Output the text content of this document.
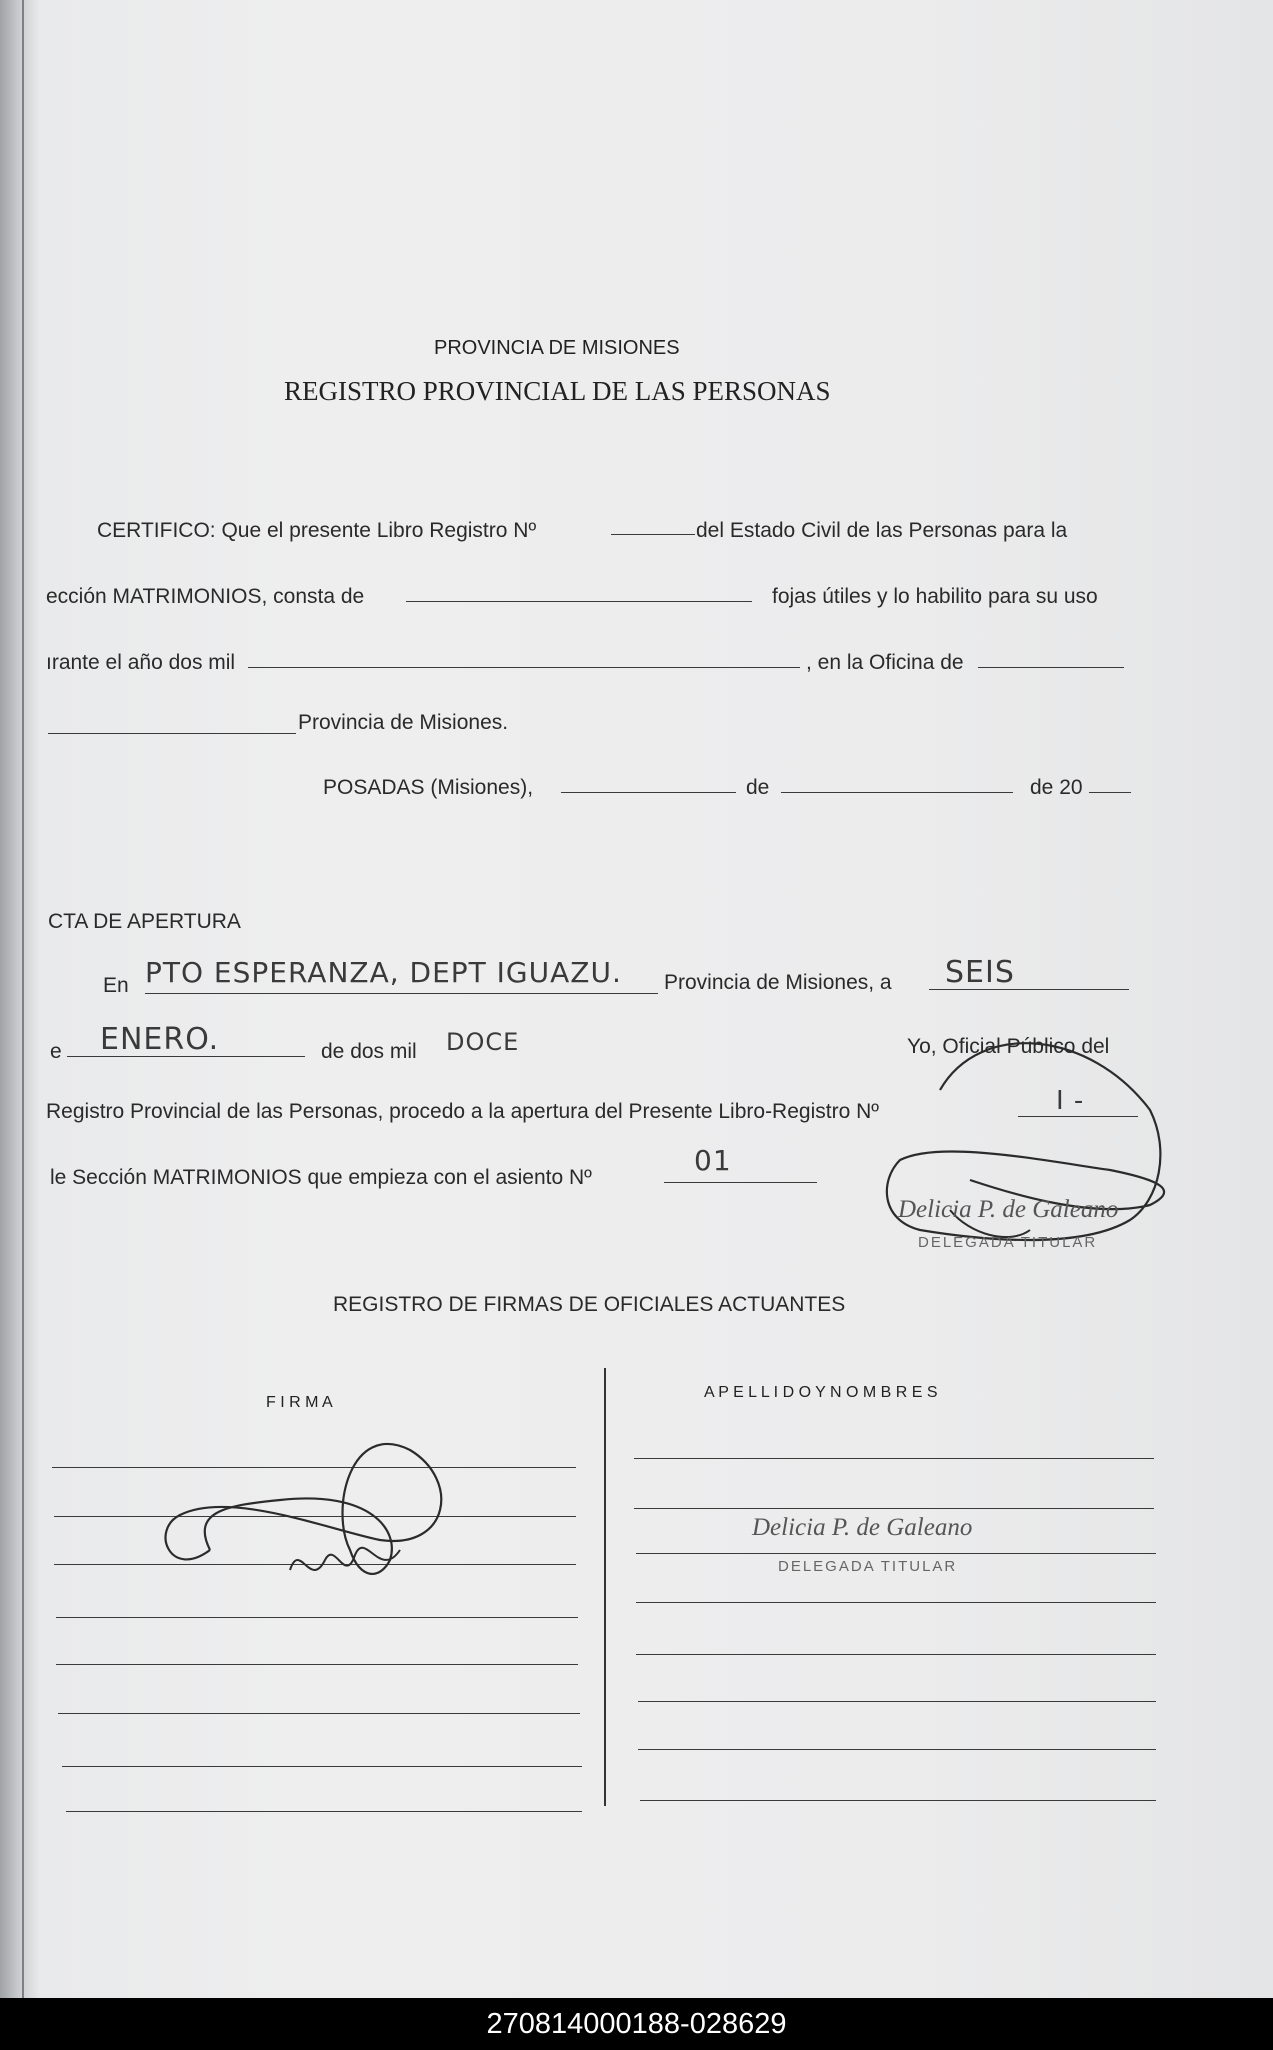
PROVINCIA DE MISIONES
REGISTRO PROVINCIAL DE LAS PERSONAS
CERTIFICO: Que el presente Libro Registro Nº	del Estado Civil de las Personas para la
ección MATRIMONIOS, consta de	fojas útiles y lo habilito para su uso
ırante el año dos mil	, en la Oficina de
Provincia de Misiones.
POSADAS (Misiones),	de	de 20
CTA DE APERTURA
En PTO ESPERANZA, DEPT IGUAZU. Provincia de Misiones, a SEIS
e ENERO.	de dos mil DOCE	Yo, Oficial Público del
Registro Provincial de las Personas, procedo a la apertura del Presente Libro-Registro Nº	I -
le Sección MATRIMONIOS que empieza con el asiento Nº
01
Delicia P. de Galeano
DELEGADA TITULAR
REGISTRO DE FIRMAS DE OFICIALES ACTUANTES
F I R M A
A P E L L I D O Y N O M B R E S
Delicia P. de Galeano
DELEGADA TITULAR
270814000188-028629
